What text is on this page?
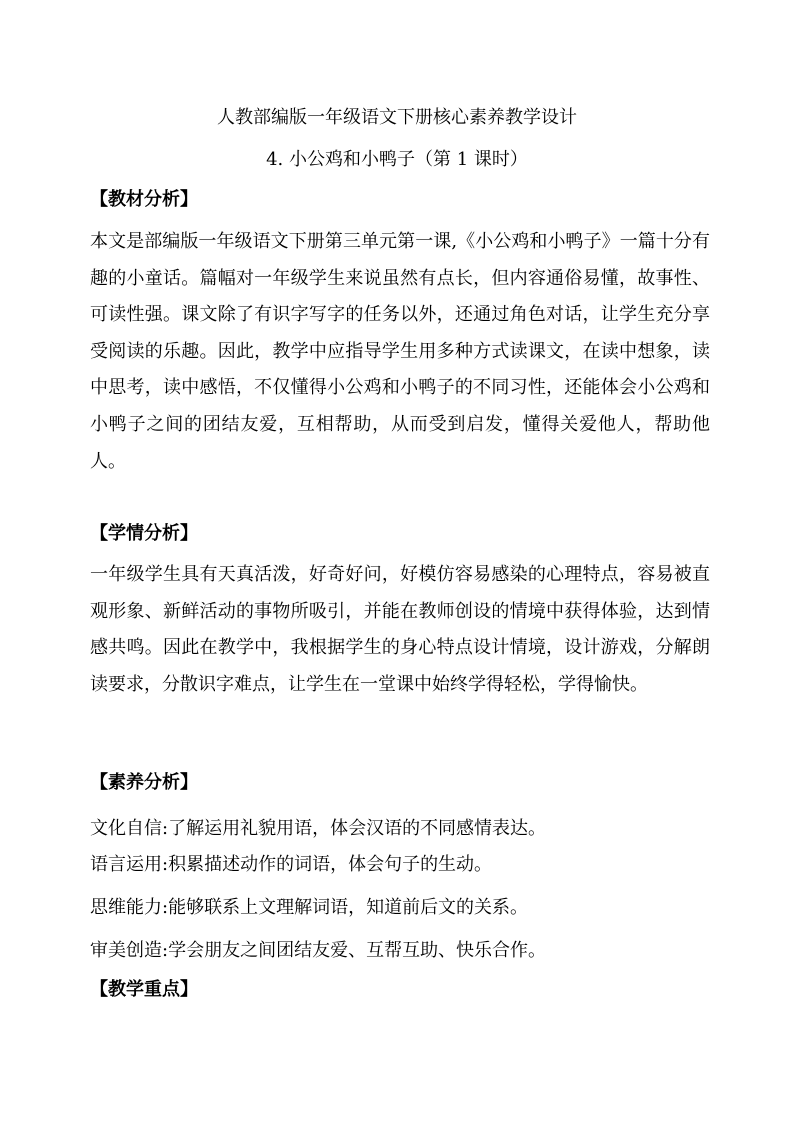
人教部编版一年级语文下册核心素养教学设计
4. 小公鸡和小鸭子（第 1 课时）
【教材分析】

本文是部编版一年级语文下册第三单元第一课,《小公鸡和小鸭子》一篇十分有趣的小童话。篇幅对一年级学生来说虽然有点长，但内容通俗易懂，故事性、可读性强。课文除了有识字写字的任务以外，还通过角色对话，让学生充分享受阅读的乐趣。因此，教学中应指导学生用多种方式读课文，在读中想象，读中思考，读中感悟，不仅懂得小公鸡和小鸭子的不同习性，还能体会小公鸡和小鸭子之间的团结友爱，互相帮助，从而受到启发，懂得关爱他人，帮助他人。

【学情分析】

一年级学生具有天真活泼，好奇好问，好模仿容易感染的心理特点，容易被直观形象、新鲜活动的事物所吸引，并能在教师创设的情境中获得体验，达到情感共鸣。因此在教学中，我根据学生的身心特点设计情境，设计游戏，分解朗读要求，分散识字难点，让学生在一堂课中始终学得轻松，学得愉快。

【素养分析】

文化自信:了解运用礼貌用语，体会汉语的不同感情表达。

语言运用:积累描述动作的词语，体会句子的生动。

思维能力:能够联系上文理解词语，知道前后文的关系。

审美创造:学会朋友之间团结友爱、互帮互助、快乐合作。

【教学重点】
